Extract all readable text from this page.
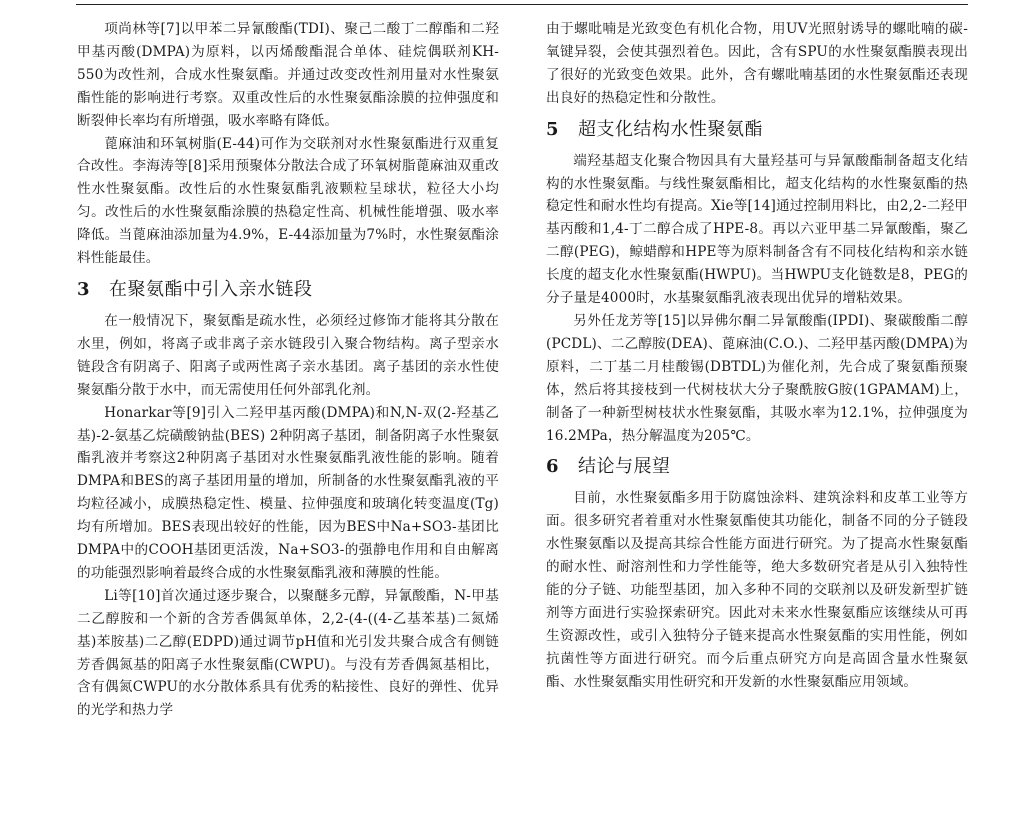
项尚林等[7]以甲苯二异氰酸酯(TDI)、聚己二酸丁二醇酯和二羟甲基丙酸(DMPA)为原料，以丙烯酸酯混合单体、硅烷偶联剂KH-550为改性剂，合成水性聚氨酯。并通过改变改性剂用量对水性聚氨酯性能的影响进行考察。双重改性后的水性聚氨酯涂膜的拉伸强度和断裂伸长率均有所增强，吸水率略有降低。

蓖麻油和环氧树脂(E-44)可作为交联剂对水性聚氨酯进行双重复合改性。李海涛等[8]采用预聚体分散法合成了环氧树脂蓖麻油双重改性水性聚氨酯。改性后的水性聚氨酯乳液颗粒呈球状，粒径大小均匀。改性后的水性聚氨酯涂膜的热稳定性高、机械性能增强、吸水率降低。当蓖麻油添加量为4.9%，E-44添加量为7%时，水性聚氨酯涂料性能最佳。

3 在聚氨酯中引入亲水链段

在一般情况下，聚氨酯是疏水性，必须经过修饰才能将其分散在水里，例如，将离子或非离子亲水链段引入聚合物结构。离子型亲水链段含有阴离子、阳离子或两性离子亲水基团。离子基团的亲水性使聚氨酯分散于水中，而无需使用任何外部乳化剂。

Honarkar等[9]引入二羟甲基丙酸(DMPA)和N,N-双(2-羟基乙基)-2-氨基乙烷磺酸钠盐(BES) 2种阴离子基团，制备阴离子水性聚氨酯乳液并考察这2种阴离子基团对水性聚氨酯乳液性能的影响。随着DMPA和BES的离子基团用量的增加，所制备的水性聚氨酯乳液的平均粒径减小，成膜热稳定性、模量、拉伸强度和玻璃化转变温度(Tg)均有所增加。BES表现出较好的性能，因为BES中Na+SO3-基团比DMPA中的COOH基团更活泼，Na+SO3-的强静电作用和自由解离的功能强烈影响着最终合成的水性聚氨酯乳液和薄膜的性能。

Li等[10]首次通过逐步聚合，以聚醚多元醇，异氰酸酯，N-甲基二乙醇胺和一个新的含芳香偶氮单体，2,2-(4-((4-乙基苯基)二氮烯基)苯胺基)二乙醇(EDPD)通过调节pH值和光引发共聚合成含有侧链芳香偶氮基的阳离子水性聚氨酯(CWPU)。与没有芳香偶氮基相比，含有偶氮CWPU的水分散体系具有优秀的粘接性、良好的弹性、优异的光学和热力学

由于螺吡喃是光致变色有机化合物，用UV光照射诱导的螺吡喃的碳-氧键异裂，会使其强烈着色。因此，含有SPU的水性聚氨酯膜表现出了很好的光致变色效果。此外，含有螺吡喃基团的水性聚氨酯还表现出良好的热稳定性和分散性。

5 超支化结构水性聚氨酯

端羟基超支化聚合物因具有大量羟基可与异氰酸酯制备超支化结构的水性聚氨酯。与线性聚氨酯相比，超支化结构的水性聚氨酯的热稳定性和耐水性均有提高。Xie等[14]通过控制用料比，由2,2-二羟甲基丙酸和1,4-丁二醇合成了HPE-8。再以六亚甲基二异氰酸酯，聚乙二醇(PEG)，鲸蜡醇和HPE等为原料制备含有不同枝化结构和亲水链长度的超支化水性聚氨酯(HWPU)。当HWPU支化链数是8，PEG的分子量是4000时，水基聚氨酯乳液表现出优异的增粘效果。

另外任龙芳等[15]以异佛尔酮二异氰酸酯(IPDI)、聚碳酸酯二醇(PCDL)、二乙醇胺(DEA)、蓖麻油(C.O.)、二羟甲基丙酸(DMPA)为原料，二丁基二月桂酸锡(DBTDL)为催化剂，先合成了聚氨酯预聚体，然后将其接枝到一代树枝状大分子聚酰胺G胺(1GPAMAM)上，制备了一种新型树枝状水性聚氨酯，其吸水率为12.1%，拉伸强度为16.2MPa，热分解温度为205℃。

6 结论与展望

目前，水性聚氨酯多用于防腐蚀涂料、建筑涂料和皮革工业等方面。很多研究者着重对水性聚氨酯使其功能化，制备不同的分子链段水性聚氨酯以及提高其综合性能方面进行研究。为了提高水性聚氨酯的耐水性、耐溶剂性和力学性能等，绝大多数研究者是从引入独特性能的分子链、功能型基团，加入多种不同的交联剂以及研发新型扩链剂等方面进行实验探索研究。因此对未来水性聚氨酯应该继续从可再生资源改性，或引入独特分子链来提高水性聚氨酯的实用性能，例如抗菌性等方面进行研究。而今后重点研究方向是高固含量水性聚氨酯、水性聚氨酯实用性研究和开发新的水性聚氨酯应用领域。
